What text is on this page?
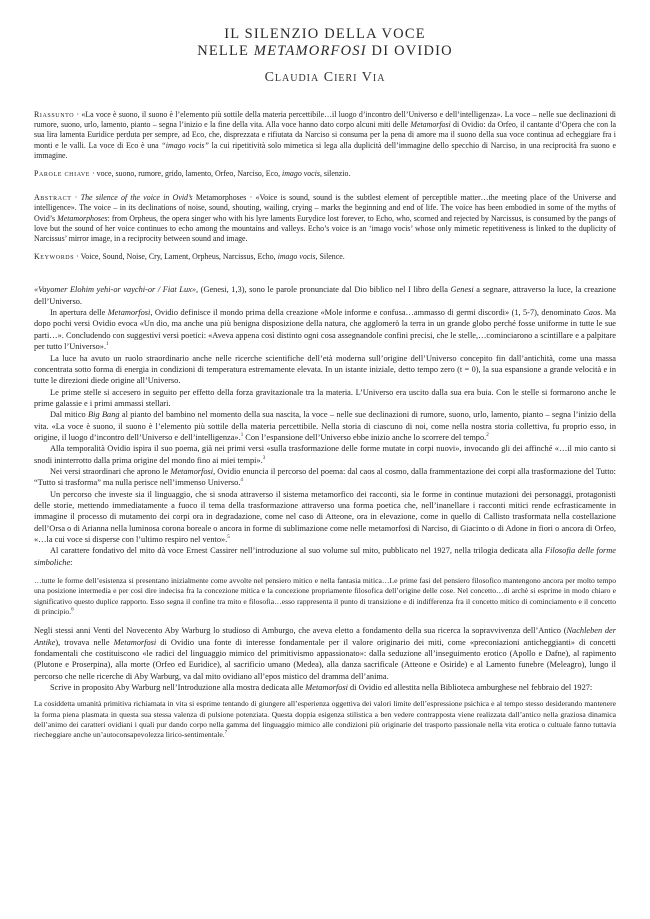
IL SILENZIO DELLA VOCE
NELLE METAMORFOSI DI OVIDIO
Claudia Cieri Via

Riassunto · «La voce è suono, il suono è l’elemento più sottile della materia percettibile…il luogo d’incontro dell’Universo e dell’intelligenza». La voce – nelle sue declinazioni di rumore, suono, urlo, lamento, pianto – segna l’inizio e la fine della vita. Alla voce hanno dato corpo alcuni miti delle Metamorfosi di Ovidio: da Orfeo, il cantante d’Opera che con la sua lira lamenta Euridice perduta per sempre, ad Eco, che, disprezzata e rifiutata da Narciso si consuma per la pena di amore ma il suono della sua voce continua ad echeggiare fra i monti e le valli. La voce di Eco è una “imago vocis” la cui ripetitività solo mimetica si lega alla duplicità dell’immagine dello specchio di Narciso, in una reciprocità fra suono e immagine.

Parole chiave · voce, suono, rumore, grido, lamento, Orfeo, Narciso, Eco, imago vocis, silenzio.

Abstract · The silence of the voice in Ovid’s Metamorphoses · «Voice is sound, sound is the subtlest element of perceptible matter…the meeting place of the Universe and intelligence». The voice – in its declinations of noise, sound, shouting, wailing, crying – marks the beginning and end of life. The voice has been embodied in some of the myths of Ovid’s Metamorphoses: from Orpheus, the opera singer who with his lyre laments Eurydice lost forever, to Echo, who, scorned and rejected by Narcissus, is consumed by the pangs of love but the sound of her voice continues to echo among the mountains and valleys. Echo’s voice is an ‘imago vocis’ whose only mimetic repetitiveness is linked to the duplicity of Narcissus’ mirror image, in a reciprocity between sound and image.

Keywords · Voice, Sound, Noise, Cry, Lament, Orpheus, Narcissus, Echo, imago vocis, Silence.

«Vayomer Elohim yehi-or vaychi-or / Fiat Lux», (Genesi, 1,3), sono le parole pronunciate dal Dio biblico nel I libro della Genesi a segnare, attraverso la luce, la creazione dell’Universo.

In apertura delle Metamorfosi, Ovidio definisce il mondo prima della creazione «Mole informe e confusa…ammasso di germi discordi» (1, 5-7), denominato Caos. Ma dopo pochi versi Ovidio evoca «Un dio, ma anche una più benigna disposizione della natura, che agglomerò la terra in un grande globo perché fosse uniforme in tutte le sue parti…». Concludendo con suggestivi versi poetici: «Aveva appena così distinto ogni cosa assegnandole confini precisi, che le stelle,…cominciarono a scintillare e a palpitare per tutto l’Universo».$^1$

La luce ha avuto un ruolo straordinario anche nelle ricerche scientifiche dell’età moderna sull’origine dell’Universo concepito fin dall’antichità, come una massa concentrata sotto forma di energia in condizioni di temperatura estremamente elevata. In un istante iniziale, detto tempo zero (t = 0), la sua espansione a grande velocità e in tutte le direzioni diede origine all’Universo.

Le prime stelle si accesero in seguito per effetto della forza gravitazionale tra la materia. L’Universo era uscito dalla sua era buia. Con le stelle si formarono anche le prime galassie e i primi ammassi stellari.

Dal mitico Big Bang al pianto del bambino nel momento della sua nascita, la voce – nelle sue declinazioni di rumore, suono, urlo, lamento, pianto – segna l’inizio della vita. «La voce è suono, il suono è l’elemento più sottile della materia percettibile. Nella storia di ciascuno di noi, come nella nostra storia collettiva, fu proprio esso, in origine, il luogo d’incontro dell’Universo e dell’intelligenza».$^1$ Con l’espansione dell’Universo ebbe inizio anche lo scorrere del tempo.$^2$

Alla temporalità Ovidio ispira il suo poema, già nei primi versi «sulla trasformazione delle forme mutate in corpi nuovi», invocando gli dei affinché «…il mio canto si snodi ininterrotto dalla prima origine del mondo fino ai miei tempi».$^3$

Nei versi straordinari che aprono le Metamorfosi, Ovidio enuncia il percorso del poema: dal caos al cosmo, dalla frammentazione dei corpi alla trasformazione del Tutto: “Tutto si trasforma” ma nulla perisce nell’immenso Universo.$^4$

Un percorso che investe sia il linguaggio, che si snoda attraverso il sistema metamorfico dei racconti, sia le forme in continue mutazioni dei personaggi, protagonisti delle storie, mettendo immediatamente a fuoco il tema della trasformazione attraverso una forma poetica che, nell’inanellare i racconti mitici rende ecfrasticamente in immagine il processo di mutamento dei corpi ora in degradazione, come nel caso di Atteone, ora in elevazione, come in quello di Callisto trasformata nella costellazione dell’Orsa o di Arianna nella luminosa corona boreale o ancora in forme di sublimazione come nelle metamorfosi di Narciso, di Giacinto o di Adone in fiori o ancora di Orfeo, «…la cui voce si disperse con l’ultimo respiro nel vento».$^5$

Al carattere fondativo del mito dà voce Ernest Cassirer nell’introduzione al suo volume sul mito, pubblicato nel 1927, nella trilogia dedicata alla Filosofia delle forme simboliche:

…tutte le forme dell’esistenza si presentano inizialmente come avvolte nel pensiero mitico e nella fantasia mitica…Le prime fasi del pensiero filosofico mantengono ancora per molto tempo una posizione intermedia e per così dire indecisa fra la concezione mitica e la concezione propriamente filosofica dell’origine delle cose. Nel concetto…di archè si esprime in modo chiaro e significativo questo duplice rapporto. Esso segna il confine tra mito e filosofia…esso rappresenta il punto di transizione e di indifferenza fra il concetto mitico di cominciamento e il concetto di principio.$^6$

Negli stessi anni Venti del Novecento Aby Warburg lo studioso di Amburgo, che aveva eletto a fondamento della sua ricerca la sopravvivenza dell’Antico (Nachleben der Antike), trovava nelle Metamorfosi di Ovidio una fonte di interesse fondamentale per il valore originario dei miti, come «preconiazioni anticheggianti» di concetti fondamentali che costituiscono «le radici del linguaggio mimico del primitivismo appassionato»: dalla seduzione all’inseguimento erotico (Apollo e Dafne), al rapimento (Plutone e Proserpina), alla morte (Orfeo ed Euridice), al sacrificio umano (Medea), alla danza sacrificale (Atteone e Osiride) e al Lamento funebre (Meleagro), lungo il percorso che nelle ricerche di Aby Warburg, va dal mito ovidiano all’epos mistico del dramma dell’anima.

Scrive in proposito Aby Warburg nell’Introduzione alla mostra dedicata alle Metamorfosi di Ovidio ed allestita nella Biblioteca amburghese nel febbraio del 1927:

La cosiddetta umanità primitiva richiamata in vita si esprime tentando di giungere all’esperienza oggettiva dei valori limite dell’espressione psichica e al tempo stesso desiderando mantenere la forma piena plasmata in questa sua stessa valenza di pulsione potenziata. Questa doppia esigenza stilistica a ben vedere contrapposta viene realizzata dall’antico nella graziosa dinamica dell’animo dei caratteri ovidiani i quali pur dando corpo nella gamma del linguaggio mimico alle condizioni più originarie del trasporto passionale nella vita erotica o cultuale fanno tuttavia riecheggiare anche un’autoconsapevolezza lirico-sentimentale.$^7$
